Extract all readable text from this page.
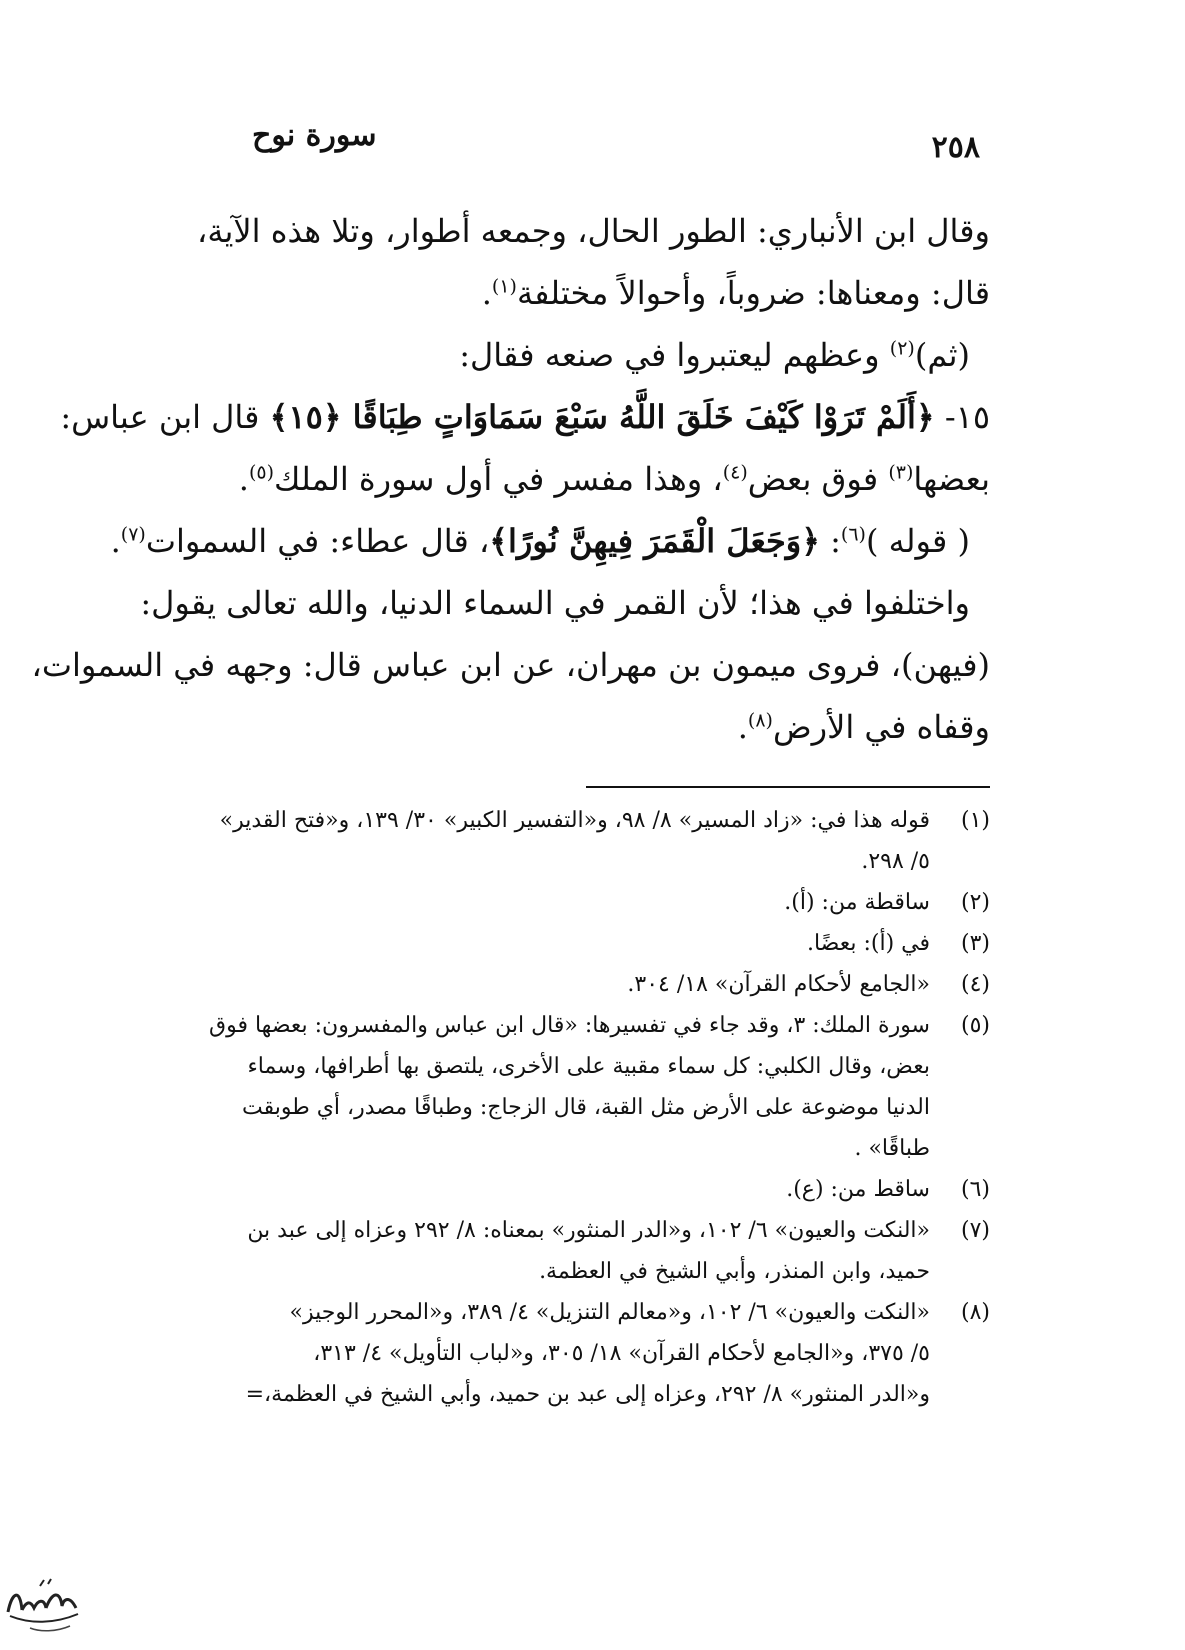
سورة نوح	٢٥٨

وقال ابن الأنباري: الطور الحال، وجمعه أطوار، وتلا هذه الآية،

قال: ومعناها: ضروباً، وأحوالاً مختلفة$^{(١)}$.

(ثم)$^{(٢)}$ وعظهم ليعتبروا في صنعه فقال:

١٥- ﴿أَلَمْ تَرَوْا كَيْفَ خَلَقَ اللَّهُ سَبْعَ سَمَاوَاتٍ طِبَاقًا ﴿١٥﴾ قال ابن عباس:

بعضها$^{(٣)}$ فوق بعض$^{(٤)}$، وهذا مفسر في أول سورة الملك$^{(٥)}$.

( قوله )$^{(٦)}$: ﴿وَجَعَلَ الْقَمَرَ فِيهِنَّ نُورًا﴾، قال عطاء: في السموات$^{(٧)}$.

واختلفوا في هذا؛ لأن القمر في السماء الدنيا، والله تعالى يقول:

(فيهن)، فروى ميمون بن مهران، عن ابن عباس قال: وجهه في السموات،

وقفاه في الأرض$^{(٨)}$.

(١)
قوله هذا في: «زاد المسير» ٨/ ٩٨، و«التفسير الكبير» ٣٠/ ١٣٩، و«فتح القدير»
٥/ ٢٩٨.
(٢)
ساقطة من: (أ).
(٣)
في (أ): بعضًا.
(٤)
«الجامع لأحكام القرآن» ١٨/ ٣٠٤.
(٥)
سورة الملك: ٣، وقد جاء في تفسيرها: «قال ابن عباس والمفسرون: بعضها فوق
بعض، وقال الكلبي: كل سماء مقبية على الأخرى، يلتصق بها أطرافها، وسماء
الدنيا موضوعة على الأرض مثل القبة، قال الزجاج: وطباقًا مصدر، أي طوبقت
طباقًا» .
(٦)
ساقط من: (ع).
(٧)
«النكت والعيون» ٦/ ١٠٢، و«الدر المنثور» بمعناه: ٨/ ٢٩٢ وعزاه إلى عبد بن
حميد، وابن المنذر، وأبي الشيخ في العظمة.
(٨)
«النكت والعيون» ٦/ ١٠٢، و«معالم التنزيل» ٤/ ٣٨٩، و«المحرر الوجيز»
٥/ ٣٧٥، و«الجامع لأحكام القرآن» ١٨/ ٣٠٥، و«لباب التأويل» ٤/ ٣١٣،
و«الدر المنثور» ٨/ ٢٩٢، وعزاه إلى عبد بن حميد، وأبي الشيخ في العظمة،=
